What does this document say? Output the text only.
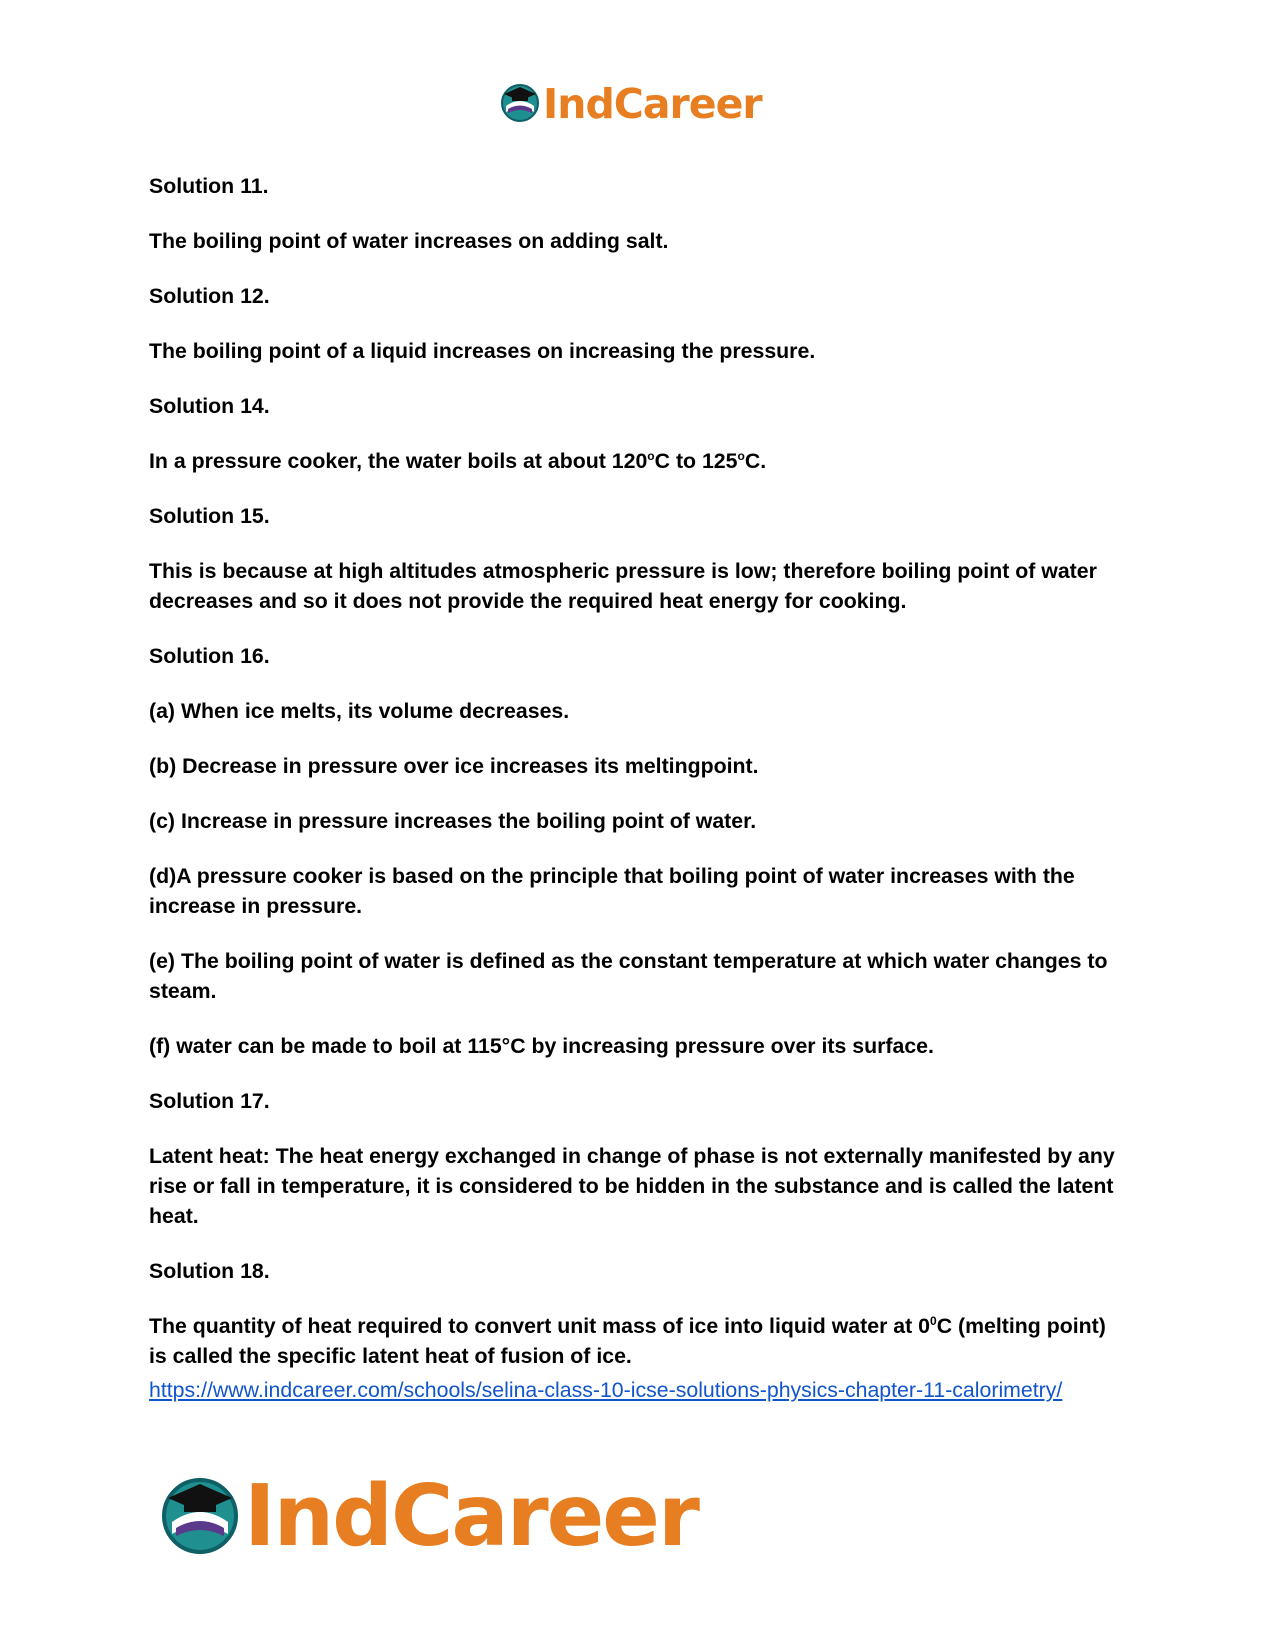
IndCareer

Solution 11.

The boiling point of water increases on adding salt.

Solution 12.

The boiling point of a liquid increases on increasing the pressure.

Solution 14.

In a pressure cooker, the water boils at about 120$^o$C to 125$^o$C.

Solution 15.

This is because at high altitudes atmospheric pressure is low; therefore boiling point of water decreases and so it does not provide the required heat energy for cooking.

Solution 16.

(a) When ice melts, its volume decreases.

(b) Decrease in pressure over ice increases its meltingpoint.

(c) Increase in pressure increases the boiling point of water.

(d)A pressure cooker is based on the principle that boiling point of water increases with the increase in pressure.

(e) The boiling point of water is defined as the constant temperature at which water changes to steam.

(f) water can be made to boil at 115°C by increasing pressure over its surface.

Solution 17.

Latent heat: The heat energy exchanged in change of phase is not externally manifested by any rise or fall in temperature, it is considered to be hidden in the substance and is called the latent heat.

Solution 18.

The quantity of heat required to convert unit mass of ice into liquid water at $0^0C$ (melting point) is called the specific latent heat of fusion of ice.

https://www.indcareer.com/schools/selina-class-10-icse-solutions-physics-chapter-11-calorimetry/
IndCareer
